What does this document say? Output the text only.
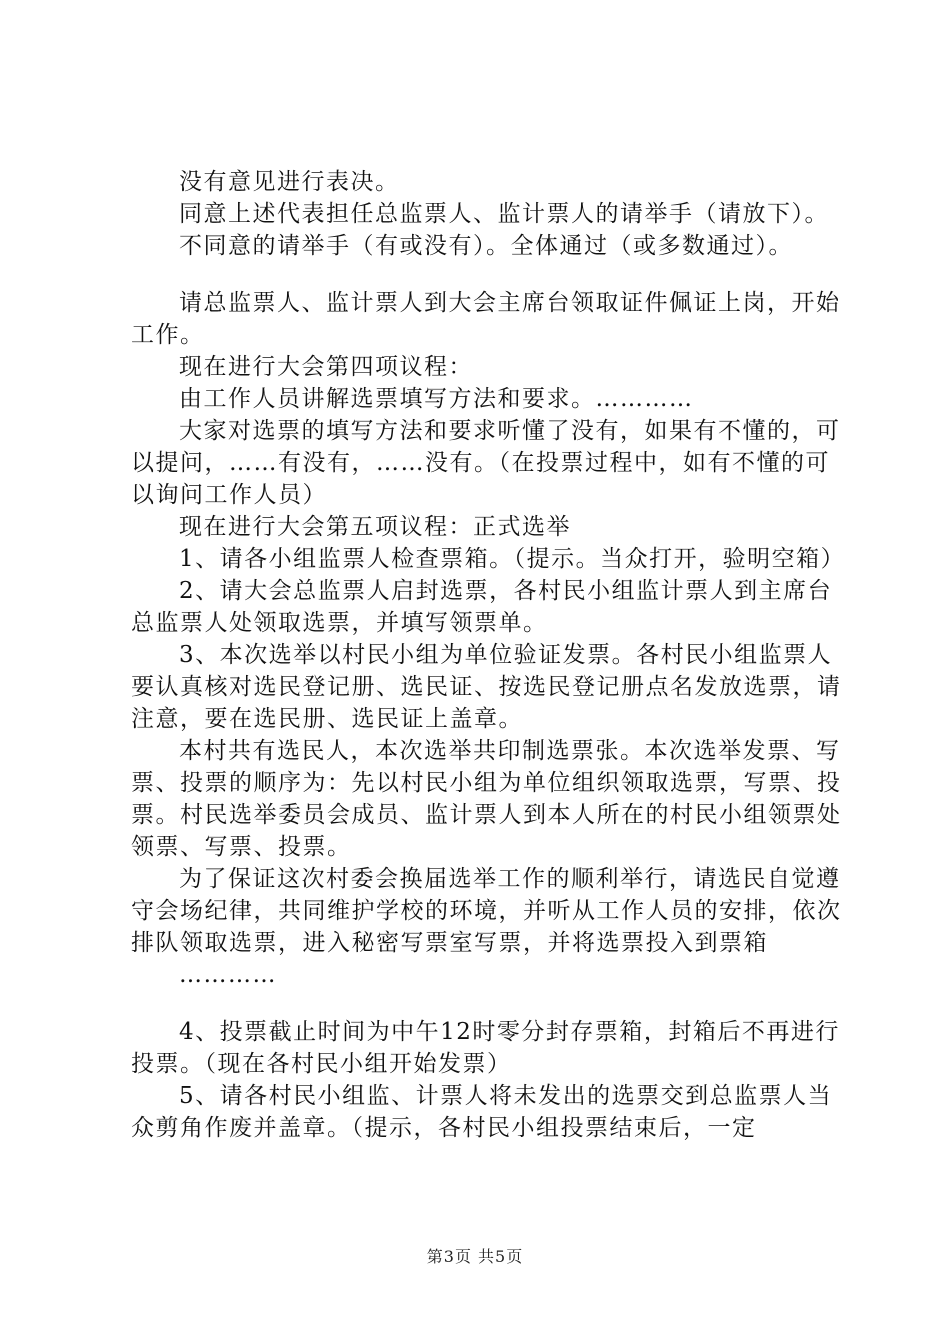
没有意见进行表决。

同意上述代表担任总监票人、监计票人的请举手（请放下）。

不同意的请举手（有或没有）。全体通过（或多数通过）。

请总监票人、监计票人到大会主席台领取证件佩证上岗，开始工作。

现在进行大会第四项议程：

由工作人员讲解选票填写方法和要求。…………

大家对选票的填写方法和要求听懂了没有，如果有不懂的，可以提问，……有没有，……没有。（在投票过程中，如有不懂的可以询问工作人员）

现在进行大会第五项议程：正式选举

1、请各小组监票人检查票箱。（提示。当众打开，验明空箱）

2、请大会总监票人启封选票，各村民小组监计票人到主席台总监票人处领取选票，并填写领票单。

3、本次选举以村民小组为单位验证发票。各村民小组监票人要认真核对选民登记册、选民证、按选民登记册点名发放选票，请注意，要在选民册、选民证上盖章。

本村共有选民人，本次选举共印制选票张。本次选举发票、写票、投票的顺序为：先以村民小组为单位组织领取选票，写票、投票。村民选举委员会成员、监计票人到本人所在的村民小组领票处领票、写票、投票。

为了保证这次村委会换届选举工作的顺利举行，请选民自觉遵守会场纪律，共同维护学校的环境，并听从工作人员的安排，依次排队领取选票，进入秘密写票室写票，并将选票投入到票箱

…………

4、投票截止时间为中午12时零分封存票箱，封箱后不再进行投票。（现在各村民小组开始发票）

5、请各村民小组监、计票人将未发出的选票交到总监票人当众剪角作废并盖章。（提示，各村民小组投票结束后，一定

第3页 共5页
